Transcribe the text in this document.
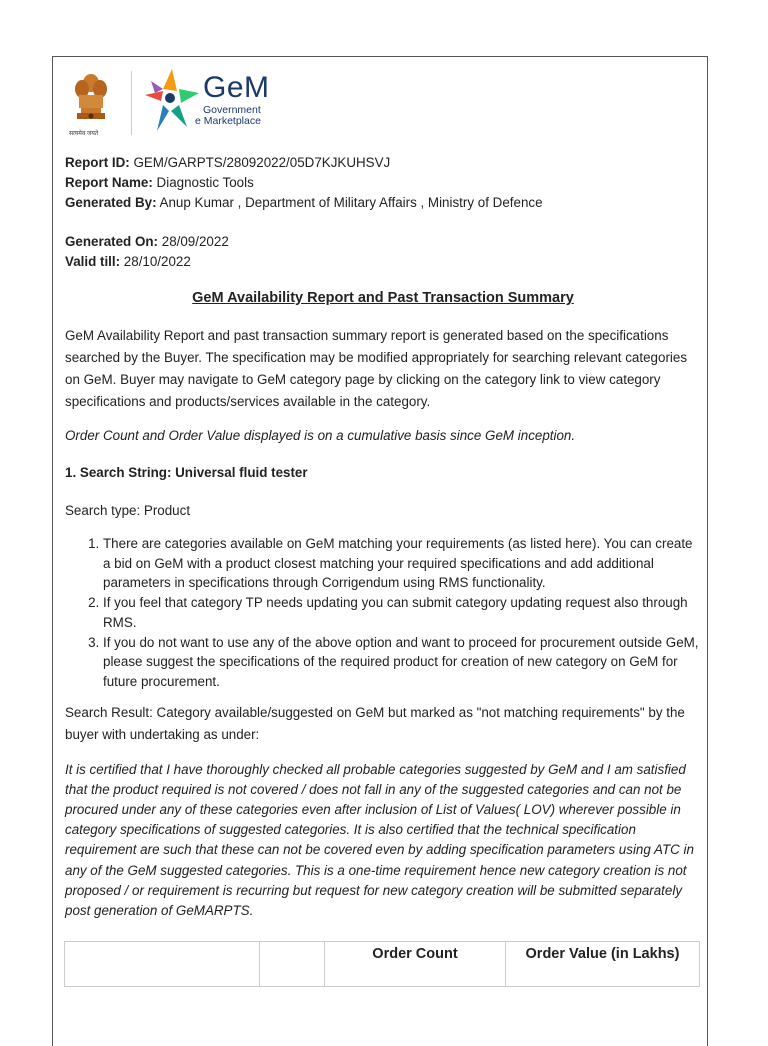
सत्यमेव जयते
GeM
Government
e Marketplace

Report ID: GEM/GARPTS/28092022/05D7KJKUHSVJ

Report Name: Diagnostic Tools

Generated By: Anup Kumar , Department of Military Affairs , Ministry of Defence

Generated On: 28/09/2022

Valid till: 28/10/2022

GeM Availability Report and Past Transaction Summary

GeM Availability Report and past transaction summary report is generated based on the specifications searched by the Buyer. The specification may be modified appropriately for searching relevant categories on GeM. Buyer may navigate to GeM category page by clicking on the category link to view category specifications and products/services available in the category.

Order Count and Order Value displayed is on a cumulative basis since GeM inception.

1. Search String: Universal fluid tester

Search type: Product

1. There are categories available on GeM matching your requirements (as listed here). You can create a bid on GeM with a product closest matching your required specifications and add additional parameters in specifications through Corrigendum using RMS functionality.
2. If you feel that category TP needs updating you can submit category updating request also through RMS.
3. If you do not want to use any of the above option and want to proceed for procurement outside GeM, please suggest the specifications of the required product for creation of new category on GeM for future procurement.

Search Result: Category available/suggested on GeM but marked as "not matching requirements" by the buyer with undertaking as under:

It is certified that I have thoroughly checked all probable categories suggested by GeM and I am satisfied that the product required is not covered / does not fall in any of the suggested categories and can not be procured under any of these categories even after inclusion of List of Values( LOV) wherever possible in category specifications of suggested categories. It is also certified that the technical specification requirement are such that these can not be covered even by adding specification parameters using ATC in any of the GeM suggested categories. This is a one-time requirement hence new category creation is not proposed / or requirement is recurring but request for new category creation will be submitted separately post generation of GeMARPTS.

		Order Count	Order Value (in Lakhs)
